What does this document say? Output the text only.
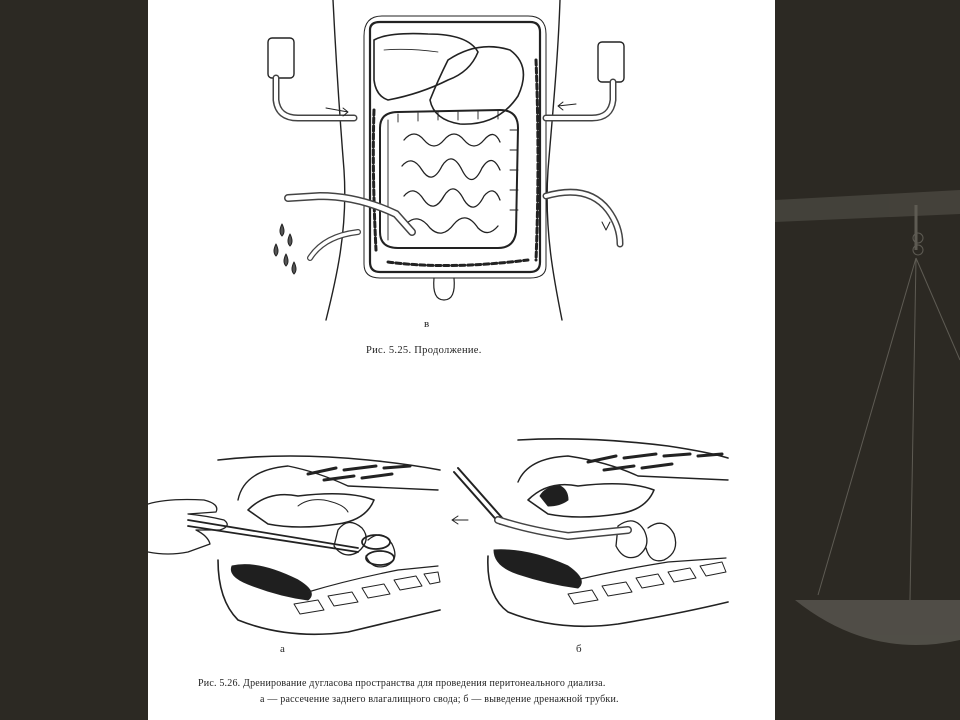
в
Рис. 5.25. Продолжение.
а	б
Рис. 5.26. Дренирование дугласова пространства для проведения перитонеального диализа.
а — рассечение заднего влагалищного свода; б — выведение дренажной трубки.
